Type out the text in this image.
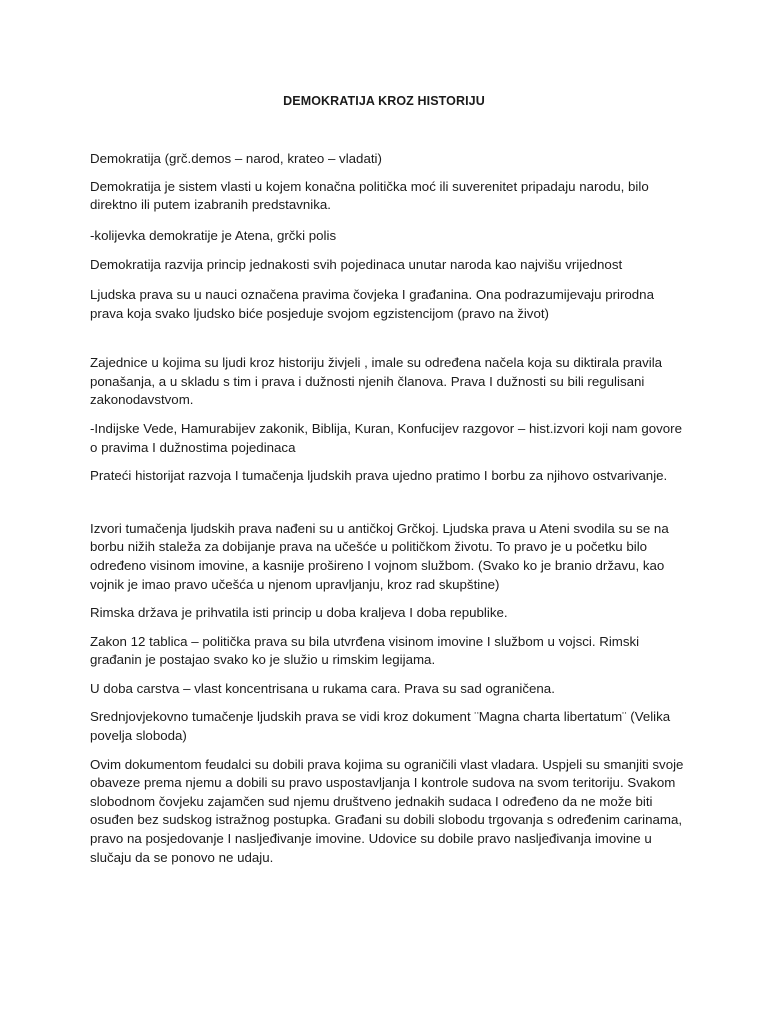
DEMOKRATIJA KROZ HISTORIJU

Demokratija (grč.demos – narod, krateo – vladati)

Demokratija je sistem vlasti u kojem konačna politička moć ili suverenitet pripadaju narodu, bilo direktno ili putem izabranih predstavnika.

-kolijevka demokratije je Atena, grčki polis

Demokratija razvija princip jednakosti svih pojedinaca unutar naroda kao najvišu vrijednost

Ljudska prava su u nauci označena pravima čovjeka I građanina. Ona podrazumijevaju prirodna prava koja svako ljudsko biće posjeduje svojom egzistencijom (pravo na život)

Zajednice u kojima su ljudi kroz historiju živjeli , imale su određena načela koja su diktirala pravila ponašanja, a u skladu s tim i prava i dužnosti njenih članova. Prava I dužnosti su bili regulisani zakonodavstvom.

-Indijske Vede, Hamurabijev zakonik, Biblija, Kuran, Konfucijev razgovor – hist.izvori koji nam govore o pravima I dužnostima pojedinaca

Prateći historijat razvoja I tumačenja ljudskih prava ujedno pratimo I borbu za njihovo ostvarivanje.

Izvori tumačenja ljudskih prava nađeni su u antičkoj Grčkoj. Ljudska prava u Ateni svodila su se na borbu nižih staleža za dobijanje prava na učešće u političkom životu. To pravo je u početku bilo određeno visinom imovine, a kasnije prošireno I vojnom službom. (Svako ko je branio državu, kao vojnik je imao pravo učešća u njenom upravljanju, kroz rad skupštine)

Rimska država je prihvatila isti princip u doba kraljeva I doba republike.

Zakon 12 tablica – politička prava su bila utvrđena visinom imovine I službom u vojsci. Rimski građanin je postajao svako ko je služio u rimskim legijama.

U doba carstva – vlast koncentrisana u rukama cara. Prava su sad ograničena.

Srednjovjekovno tumačenje ljudskih prava se vidi kroz dokument ¨Magna charta libertatum¨ (Velika povelja sloboda)

Ovim dokumentom feudalci su dobili prava kojima su ograničili vlast vladara. Uspjeli su smanjiti svoje obaveze prema njemu a dobili su pravo uspostavljanja I kontrole sudova na svom teritoriju. Svakom slobodnom čovjeku zajamčen sud njemu društveno jednakih sudaca I određeno da ne može biti osuđen bez sudskog istražnog postupka. Građani su dobili slobodu trgovanja s određenim carinama, pravo na posjedovanje I nasljeđivanje imovine. Udovice su dobile pravo nasljeđivanja imovine u slučaju da se ponovo ne udaju.
